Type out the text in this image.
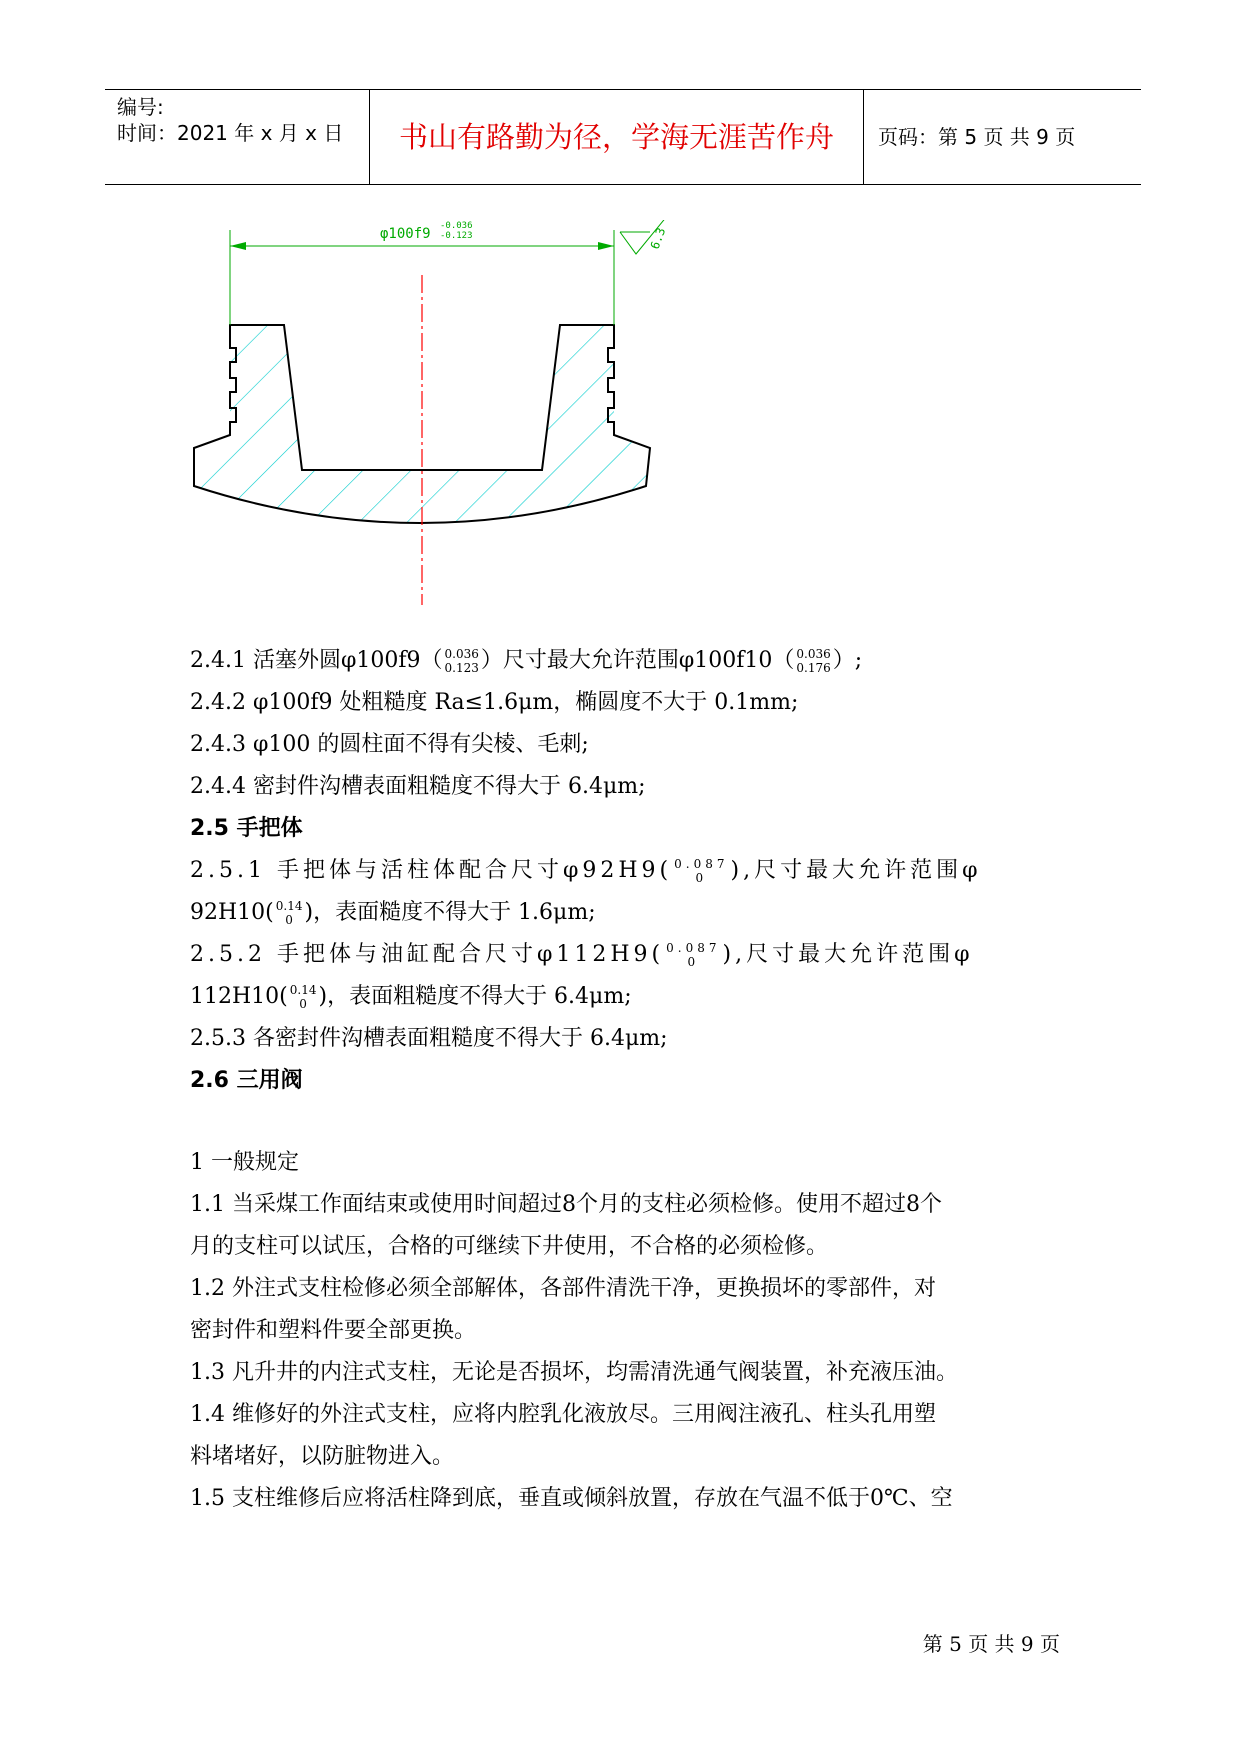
编号:
时间：2021 年 x 月 x 日	书山有路勤为径，学海无涯苦作舟	页码：第 5 页 共 9 页
φ100f9 -0.036
-0.123	6.3
2.4.1 活塞外圆φ100f9（ 0.036
0.123 ）尺寸最大允许范围φ100f10（ 0.036
0.176 ）;
2.4.2 φ100f9 处粗糙度 Ra≤1.6μm，椭圆度不大于 0.1mm;
2.4.3 φ100 的圆柱面不得有尖棱、毛刺;
2.4.4 密封件沟槽表面粗糙度不得大于 6.4μm;
2.5 手把体
2.5.1 手把体与活柱体配合尺寸φ92H9( 0.087
0	),尺寸最大允许范围φ
92H10( 0.14
0 )，表面糙度不得大于 1.6μm;
2.5.2 手把体与油缸配合尺寸φ112H9( 0.087
0	),尺寸最大允许范围φ
112H10( 0.14
0 )，表面粗糙度不得大于 6.4μm;
2.5.3 各密封件沟槽表面粗糙度不得大于 6.4μm;
2.6 三用阀
1 一般规定
1.1 当采煤工作面结束或使用时间超过8个月的支柱必须检修。使用不超过8个
月的支柱可以试压，合格的可继续下井使用，不合格的必须检修。
1.2 外注式支柱检修必须全部解体，各部件清洗干净，更换损坏的零部件，对
密封件和塑料件要全部更换。
1.3 凡升井的内注式支柱，无论是否损坏，均需清洗通气阀装置，补充液压油。
1.4 维修好的外注式支柱，应将内腔乳化液放尽。三用阀注液孔、柱头孔用塑
料堵堵好，以防脏物进入。
1.5 支柱维修后应将活柱降到底，垂直或倾斜放置，存放在气温不低于0℃、空
第 5 页 共 9 页
